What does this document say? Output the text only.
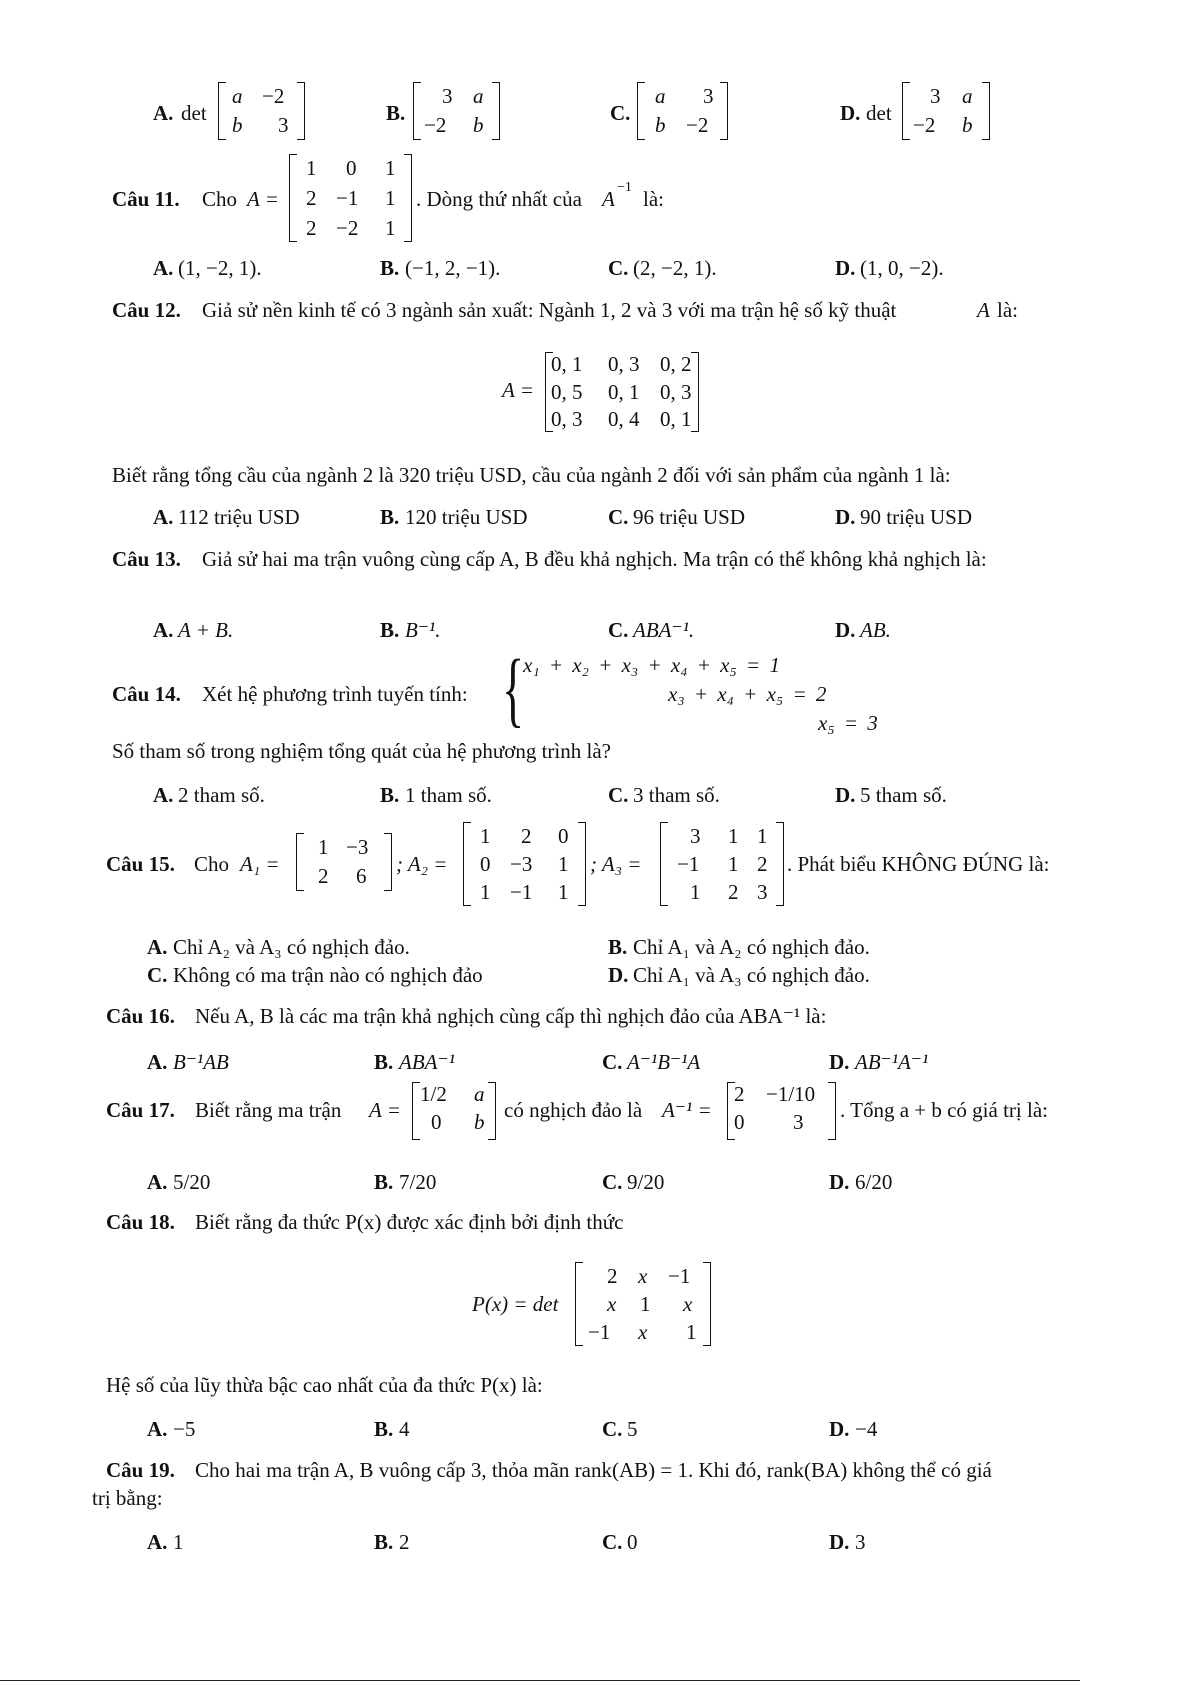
A. det
a −2
b 3	B.
3 a
−2 b	C.
a 3
b −2	D. det
3 a
−2 b
Câu 11. Cho A =
1 0 1
2 −1 1
2 −2 1
. Dòng thứ nhất của A −1 là:
A. (1, −2, 1).	B. (−1, 2, −1).	C. (2, −2, 1).	D. (1, 0, −2).
Câu 12. Giả sử nền kinh tế có 3 ngành sản xuất: Ngành 1, 2 và 3 với ma trận hệ số kỹ thuật	A là:
A =
0, 1 0, 3 0, 2
0, 5 0, 1 0, 3
0, 3 0, 4 0, 1
Biết rằng tổng cầu của ngành 2 là 320 triệu USD, cầu của ngành 2 đối với sản phẩm của ngành 1 là:
A. 112 triệu USD	B. 120 triệu USD	C. 96 triệu USD	D. 90 triệu USD
Câu 13. Giả sử hai ma trận vuông cùng cấp A, B đều khả nghịch. Ma trận có thể không khả nghịch là:
A. A + B.	B. B⁻¹.	C. ABA⁻¹.	D. AB.
Câu 14. Xét hệ phương trình tuyến tính: {
x₁ + x₂ + x₃ + x₄ + x₅ = 1
x₃ + x₄ + x₅ = 2
x₅ = 3
Số tham số trong nghiệm tổng quát của hệ phương trình là?
A. 2 tham số.	B. 1 tham số.	C. 3 tham số.	D. 5 tham số.
Câu 15. Cho A₁ =
1 −3
2 6 ; A₂ =
1 2 0
0 −3 1
1 −1 1
; A₃ =
3 1 1
−1 1 2
1 2 3
. Phát biểu KHÔNG ĐÚNG là:
A. Chỉ A₂ và A₃ có nghịch đảo.	B. Chỉ A₁ và A₂ có nghịch đảo.
C. Không có ma trận nào có nghịch đảo	D. Chỉ A₁ và A₃ có nghịch đảo.
Câu 16. Nếu A, B là các ma trận khả nghịch cùng cấp thì nghịch đảo của ABA⁻¹ là:
A. B⁻¹AB	B. ABA⁻¹	C. A⁻¹B⁻¹A	D. AB⁻¹A⁻¹
Câu 17. Biết rằng ma trận A =
1/2 a
0 b có nghịch đảo là A⁻¹ =
2 −1/10
0 3 . Tổng a + b có giá trị là:
A. 5/20	B. 7/20	C. 9/20	D. 6/20
Câu 18. Biết rằng đa thức P(x) được xác định bởi định thức
P(x) = det
2 x −1
x 1 x
−1 x 1
Hệ số của lũy thừa bậc cao nhất của đa thức P(x) là:
A. −5	B. 4	C. 5	D. −4
Câu 19. Cho hai ma trận A, B vuông cấp 3, thỏa mãn rank(AB) = 1. Khi đó, rank(BA) không thể có giá
trị bằng:
A. 1	B. 2	C. 0	D. 3
